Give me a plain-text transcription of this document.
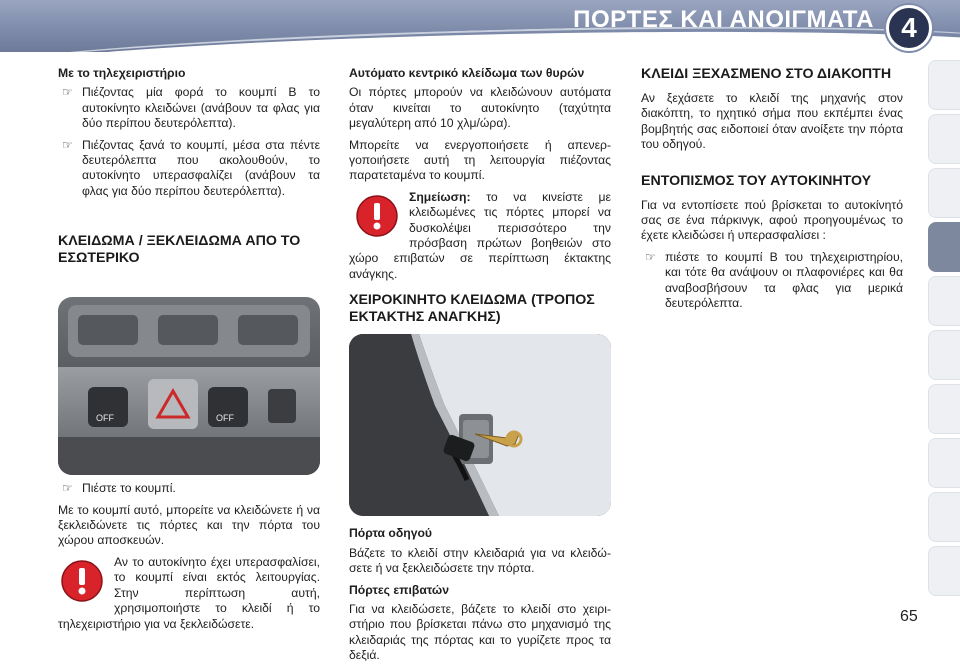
ΠΟΡΤΕΣ ΚΑΙ ΑΝΟΙΓΜΑΤΑ 4
Με το τηλεχειριστήριο
☞ Πιέζοντας μία φορά το κουμπί B το αυτοκίνητο κλειδώνει (ανάβουν τα φλας για δύο περίπου δευτερόλεπτα).
☞ Πιέζοντας ξανά το κουμπί, μέσα στα πέντε δευτερόλεπτα που ακολουθούν, το αυτοκίνητο υπερασφαλίζει (ανάβουν τα φλας για δύο περίπου δευτερόλεπτα).
ΚΛΕΙΔΩΜΑ / ΞΕΚΛΕΙΔΩΜΑ ΑΠΟ ΤΟ ΕΣΩΤΕΡΙΚΟ
OFF	OFF
☞ Πιέστε το κουμπί.

Με το κουμπί αυτό, μπορείτε να κλειδώνετε ή να ξεκλειδώνετε τις πόρτες και την πόρτα του χώρου αποσκευών.

Αν το αυτοκίνητο έχει υπερασφαλίσει, το κουμπί είναι εκτός λειτουργίας. Στην περίπτωση αυτή, χρησιμοποιήστε το κλειδί ή το τηλεχειριστήριο για να ξεκλειδώσετε.
Αυτόματο κεντρικό κλείδωμα των θυρών

Οι πόρτες μπορούν να κλειδώνουν αυτόματα όταν κινείται το αυτοκίνητο (ταχύτητα μεγαλύτερη από 10 χλμ/ώρα).

Μπορείτε να ενεργοποιήσετε ή απενεργοποιήσετε αυτή τη λειτουργία πιέζοντας παρατεταμένα το κουμπί.

Σημείωση: το να κινείστε με κλειδωμένες τις πόρτες μπορεί να δυσκολέψει περισσότερο την πρόσβαση πρώτων βοηθειών στο χώρο επιβατών σε περίπτωση έκτακτης ανάγκης.
ΧΕΙΡΟΚΙΝΗΤΟ ΚΛΕΙΔΩΜΑ (ΤΡΟΠΟΣ ΕΚΤΑΚΤΗΣ ΑΝΑΓΚΗΣ)
Πόρτα οδηγού

Βάζετε το κλειδί στην κλειδαριά για να κλειδώσετε ή να ξεκλειδώσετε την πόρτα.

Πόρτες επιβατών

Για να κλειδώσετε, βάζετε το κλειδί στο χειριστήριο που βρίσκεται πάνω στο μηχανισμό της κλειδαριάς της πόρτας και το γυρίζετε προς τα δεξιά.

ΚΛΕΙΔΙ ΞΕΧΑΣΜΕΝΟ ΣΤΟ ΔΙΑΚΟΠΤΗ

Αν ξεχάσετε το κλειδί της μηχανής στον διακόπτη, το ηχητικό σήμα που εκπέμπει ένας βομβητής σας ειδοποιεί όταν ανοίξετε την πόρτα του οδηγού.

ΕΝΤΟΠΙΣΜΟΣ ΤΟΥ ΑΥΤΟΚΙΝΗΤΟΥ

Για να εντοπίσετε πού βρίσκεται το αυτοκίνητό σας σε ένα πάρκινγκ, αφού προηγουμένως το έχετε κλειδώσει ή υπερασφαλίσει :

☞ πιέστε το κουμπί B του τηλεχειριστηρίου, και τότε θα ανάψουν οι πλαφονιέρες και θα αναβοσβήσουν τα φλας για μερικά δευτερόλεπτα.
65
